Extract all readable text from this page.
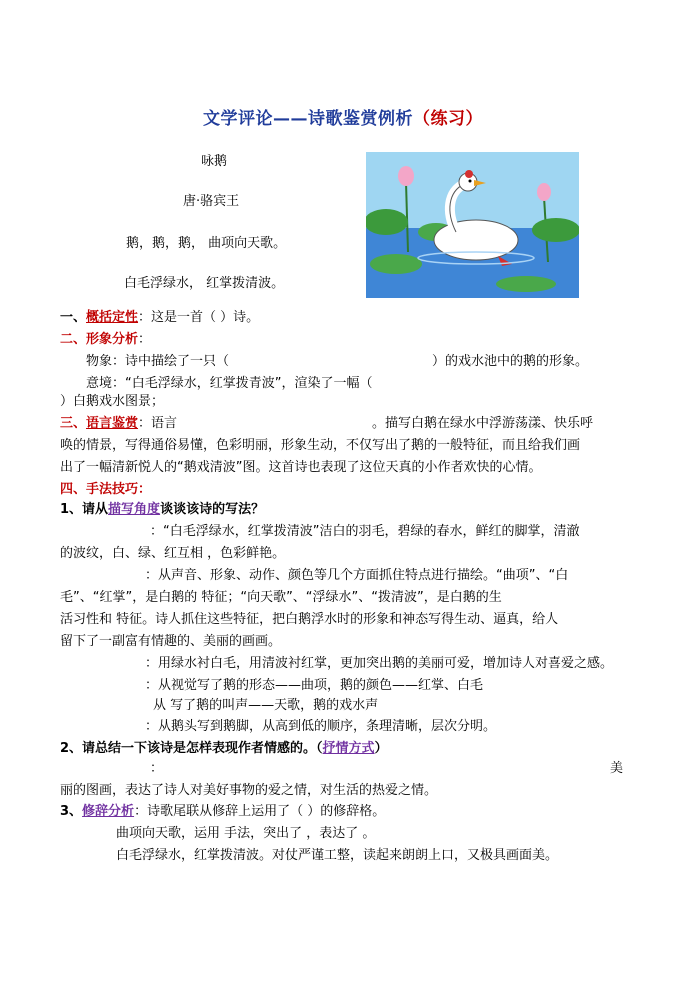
文学评论——诗歌鉴赏例析（练习）
咏鹅
唐·骆宾王
鹅，鹅，鹅， 曲项向天歌。
白毛浮绿水， 红掌拨清波。
一、概括定性：这是一首（ ）诗。
二、形象分析：
物象：诗中描绘了一只（	）的戏水池中的鹅的形象。
意境：“白毛浮绿水，红掌拨青波”，渲染了一幅（
）白鹅戏水图景；
三、语言鉴赏：语言	。描写白鹅在绿水中浮游荡漾、快乐呼
唤的情景，写得通俗易懂，色彩明丽，形象生动，不仅写出了鹅的一般特征，而且给我们画
出了一幅清新悦人的“鹅戏清波”图。这首诗也表现了这位天真的小作者欢快的心情。
四、手法技巧：
1、请从描写角度谈谈该诗的写法？
：“白毛浮绿水，红掌拨清波”洁白的羽毛，碧绿的春水，鲜红的脚掌，清澈
的波纹，白、绿、红互相 ，色彩鲜艳。
：从声音、形象、动作、颜色等几个方面抓住特点进行描绘。“曲项”、“白
毛”、“红掌”，是白鹅的 特征；“向天歌”、“浮绿水”、“拨清波”，是白鹅的生
活习性和 特征。诗人抓住这些特征，把白鹅浮水时的形象和神态写得生动、逼真，给人
留下了一副富有情趣的、美丽的画画。
：用绿水衬白毛，用清波衬红掌，更加突出鹅的美丽可爱，增加诗人对喜爱之感。
：从视觉写了鹅的形态——曲项，鹅的颜色——红掌、白毛
从 写了鹅的叫声——天歌，鹅的戏水声
：从鹅头写到鹅脚，从高到低的顺序，条理清晰，层次分明。
2、请总结一下该诗是怎样表现作者情感的。（抒情方式）
：	美
丽的图画，表达了诗人对美好事物的爱之情，对生活的热爱之情。
3、修辞分析：诗歌尾联从修辞上运用了（ ）的修辞格。
曲项向天歌，运用 手法，突出了 ，表达了 。
白毛浮绿水，红掌拨清波。对仗严谨工整，读起来朗朗上口，又极具画面美。
